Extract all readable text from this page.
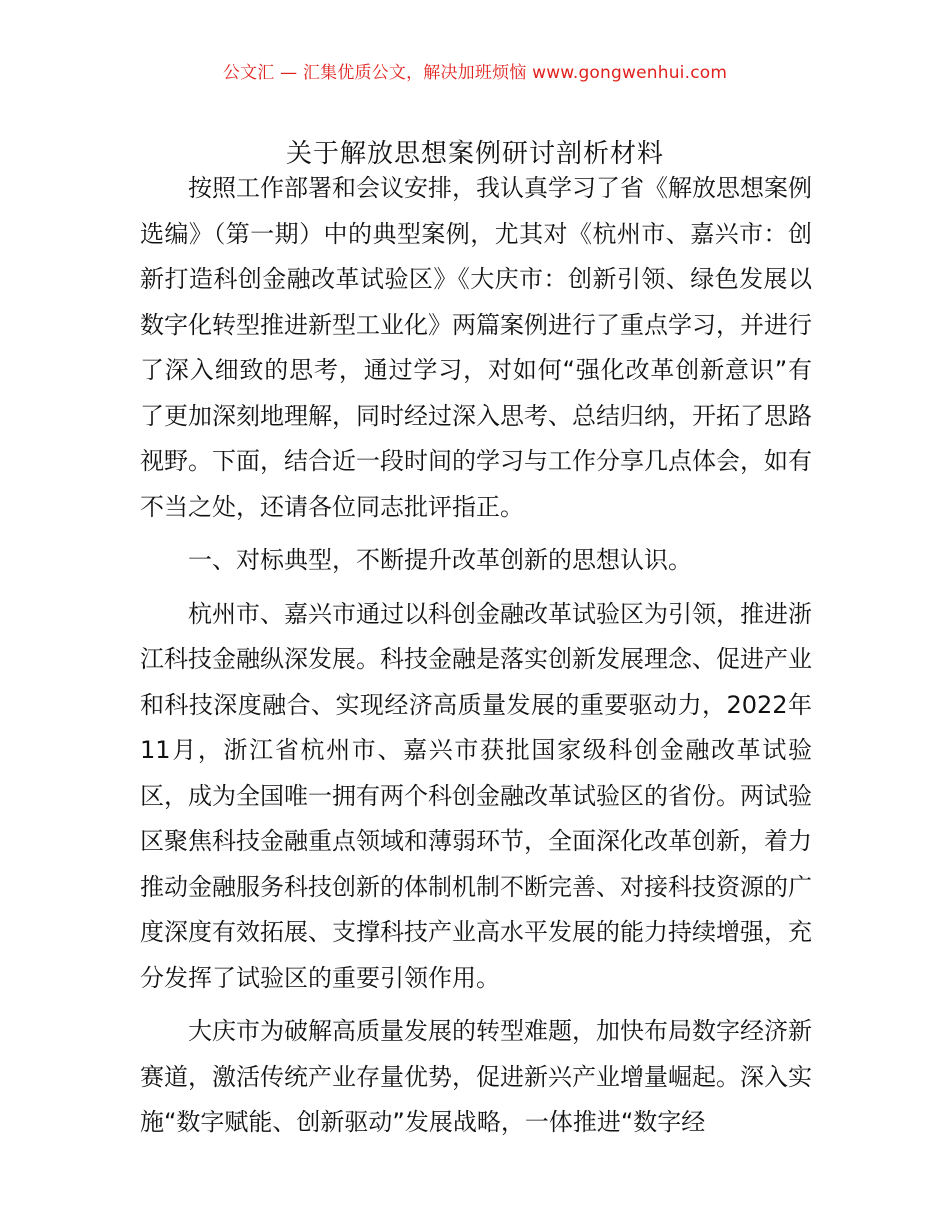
公文汇 — 汇集优质公文，解决加班烦恼 www.gongwenhui.com
关于解放思想案例研讨剖析材料

按照工作部署和会议安排，我认真学习了省《解放思想案例选编》（第一期）中的典型案例，尤其对《杭州市、嘉兴市：创新打造科创金融改革试验区》《大庆市：创新引领、绿色发展以数字化转型推进新型工业化》两篇案例进行了重点学习，并进行了深入细致的思考，通过学习，对如何“强化改革创新意识”有了更加深刻地理解，同时经过深入思考、总结归纳，开拓了思路视野。下面，结合近一段时间的学习与工作分享几点体会，如有不当之处，还请各位同志批评指正。

一、对标典型，不断提升改革创新的思想认识。

杭州市、嘉兴市通过以科创金融改革试验区为引领，推进浙江科技金融纵深发展。科技金融是落实创新发展理念、促进产业和科技深度融合、实现经济高质量发展的重要驱动力，2022年11月，浙江省杭州市、嘉兴市获批国家级科创金融改革试验区，成为全国唯一拥有两个科创金融改革试验区的省份。两试验区聚焦科技金融重点领域和薄弱环节，全面深化改革创新，着力推动金融服务科技创新的体制机制不断完善、对接科技资源的广度深度有效拓展、支撑科技产业高水平发展的能力持续增强，充分发挥了试验区的重要引领作用。

大庆市为破解高质量发展的转型难题，加快布局数字经济新赛道，激活传统产业存量优势，促进新兴产业增量崛起。深入实施“数字赋能、创新驱动”发展战略，一体推进“数字经
